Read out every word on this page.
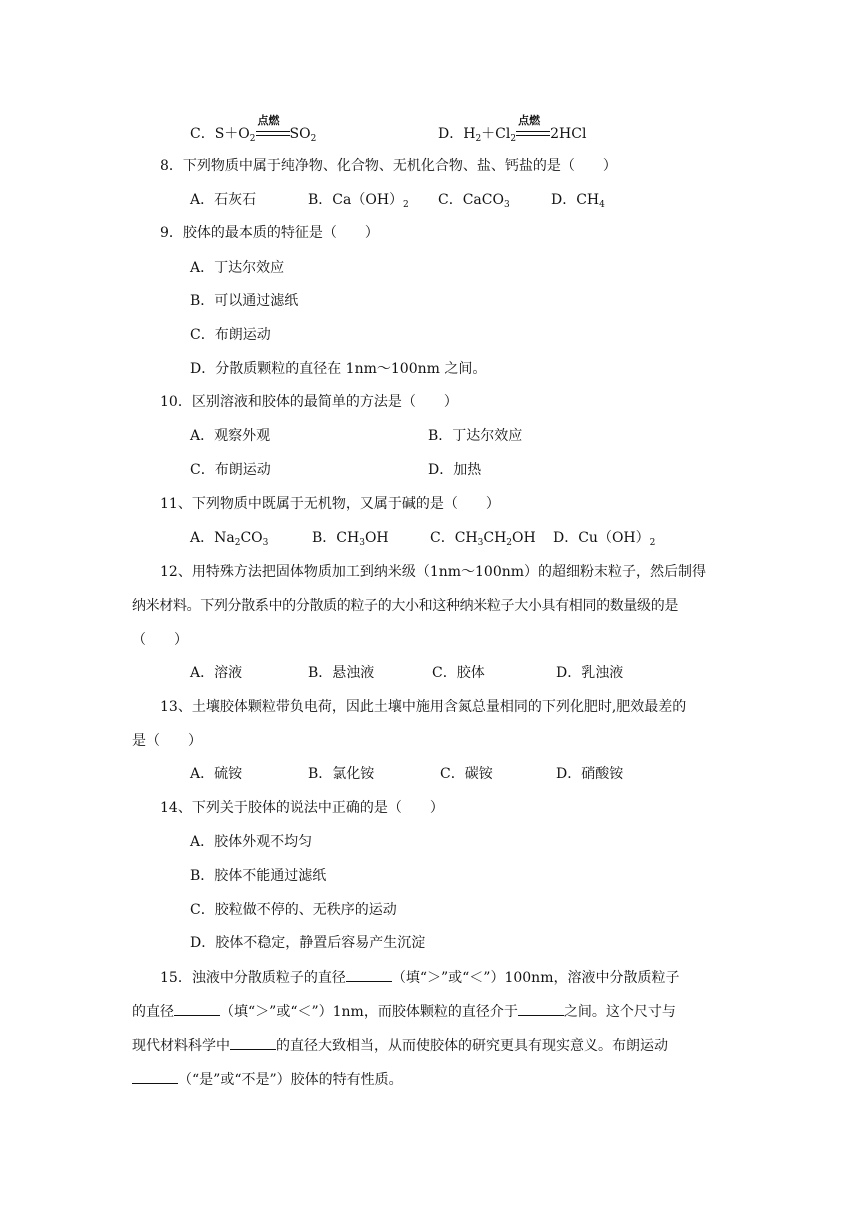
C．$S+O_2$
点燃
$SO_2$	D．$H_2+Cl_2$
点燃
2HCl
8．下列物质中属于纯净物、化合物、无机化合物、盐、钙盐的是（　　）
A．石灰石	B．$Ca(OH)_2$ C．CaCO$_3$	D．$CH_4$
9．胶体的最本质的特征是（　　）
A．丁达尔效应
B．可以通过滤纸
C．布朗运动
D．分散质颗粒的直径在 1nm～100nm 之间。
10．区别溶液和胶体的最简单的方法是（　　）
A．观察外观	B．丁达尔效应
C．布朗运动	D．加热
11、下列物质中既属于无机物，又属于碱的是（　　）
A．$Na_2CO_3$	B．$CH_3OH$	C．$CH_3CH_2OH$ D．$Cu(OH)_2$
12、用特殊方法把固体物质加工到纳米级（1nm～100nm）的超细粉末粒子，然后制得
纳米材料。下列分散系中的分散质的粒子的大小和这种纳米粒子大小具有相同的数量级的是
（　　）
A．溶液	B．悬浊液	C．胶体	D．乳浊液
13、土壤胶体颗粒带负电荷，因此土壤中施用含氮总量相同的下列化肥时,肥效最差的
是（　　）
A．硫铵	B．氯化铵	C．碳铵	D．硝酸铵
14、下列关于胶体的说法中正确的是（　　）
A．胶体外观不均匀
B．胶体不能通过滤纸
C．胶粒做不停的、无秩序的运动
D．胶体不稳定，静置后容易产生沉淀
15．浊液中分散质粒子的直径	（填“＞”或“＜”）100nm，溶液中分散质粒子
的直径	（填“＞”或“＜”）1nm，而胶体颗粒的直径介于	之间。这个尺寸与
现代材料科学中	的直径大致相当，从而使胶体的研究更具有现实意义。布朗运动
（“是”或“不是”）胶体的特有性质。
